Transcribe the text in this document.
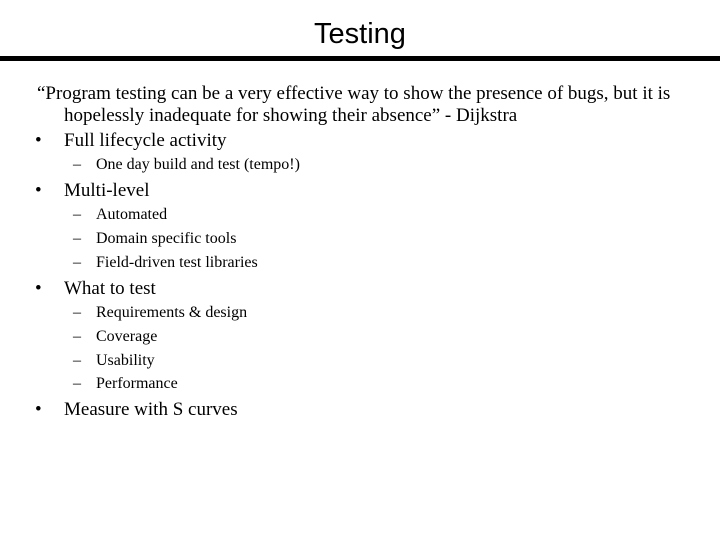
Testing
“Program testing can be a very effective way to show the presence of bugs, but it is
hopelessly inadequate for showing their absence” - Dijkstra
• Full lifecycle activity
– One day build and test (tempo!)
• Multi-level
– Automated
– Domain specific tools
– Field-driven test libraries
• What to test
– Requirements & design
– Coverage
– Usability
– Performance
• Measure with S curves
